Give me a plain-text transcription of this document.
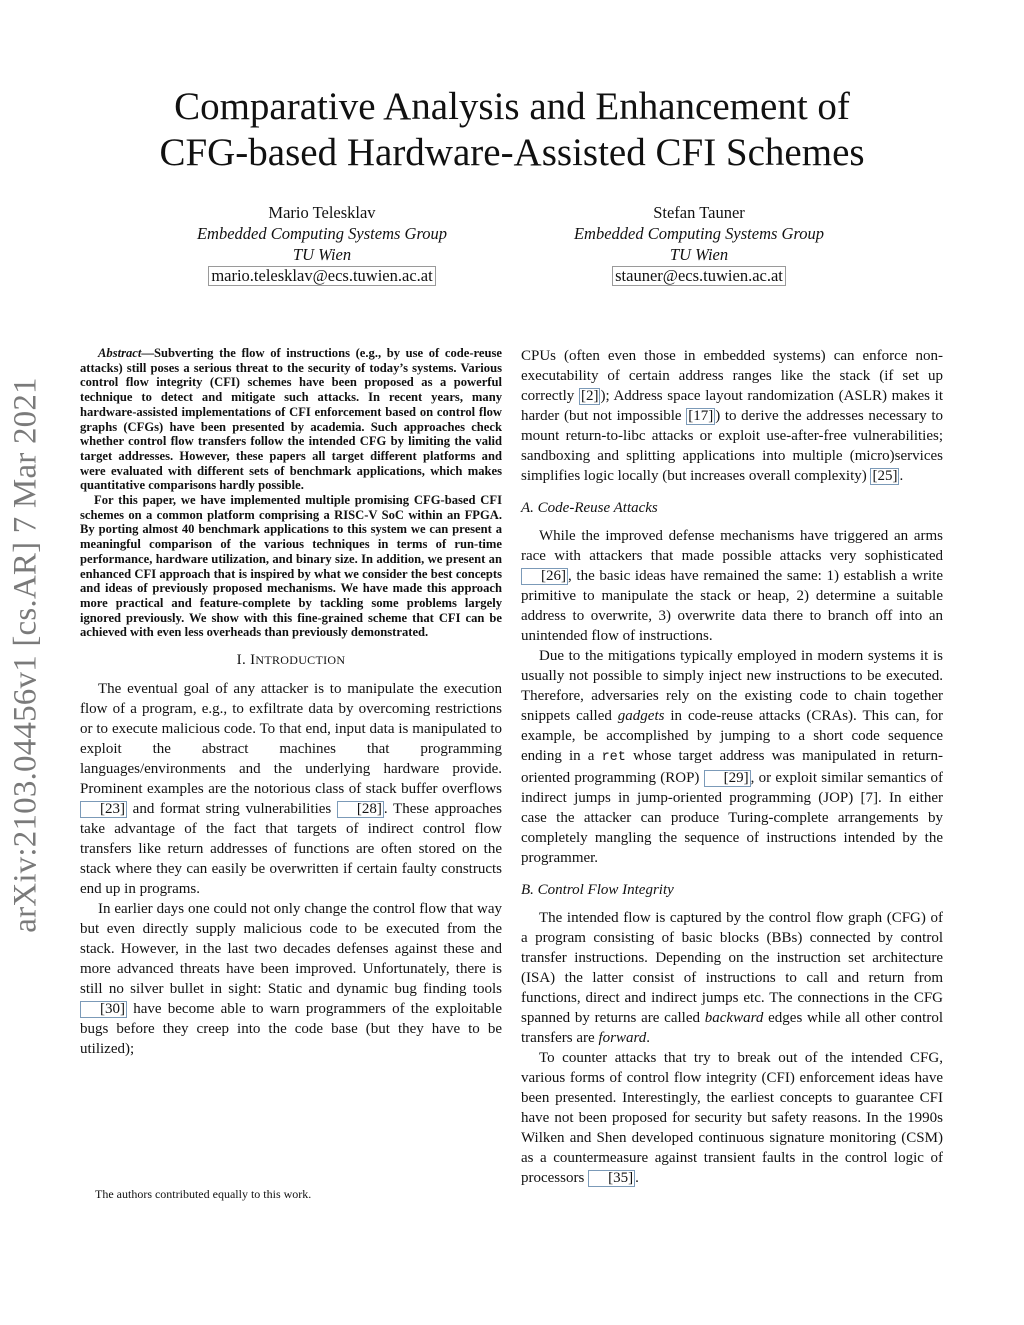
arXiv:2103.04456v1 [cs.AR] 7 Mar 2021
Comparative Analysis and Enhancement of
CFG-based Hardware-Assisted CFI Schemes
Mario Telesklav
Embedded Computing Systems Group
TU Wien
mario.telesklav@ecs.tuwien.ac.at
Stefan Tauner
Embedded Computing Systems Group
TU Wien
stauner@ecs.tuwien.ac.at

Abstract—Subverting the flow of instructions (e.g., by use of code-reuse attacks) still poses a serious threat to the security of today’s systems. Various control flow integrity (CFI) schemes have been proposed as a powerful technique to detect and mitigate such attacks. In recent years, many hardware-assisted implementations of CFI enforcement based on control flow graphs (CFGs) have been presented by academia. Such approaches check whether control flow transfers follow the intended CFG by limiting the valid target addresses. However, these papers all target different platforms and were evaluated with different sets of benchmark applications, which makes quantitative comparisons hardly possible.

For this paper, we have implemented multiple promising CFG-based CFI schemes on a common platform comprising a RISC-V SoC within an FPGA. By porting almost 40 benchmark applications to this system we can present a meaningful comparison of the various techniques in terms of run-time performance, hardware utilization, and binary size. In addition, we present an enhanced CFI approach that is inspired by what we consider the best concepts and ideas of previously proposed mechanisms. We have made this approach more practical and feature-complete by tackling some problems largely ignored previously. We show with this fine-grained scheme that CFI can be achieved with even less overheads than previously demonstrated.

I. INTRODUCTION

The eventual goal of any attacker is to manipulate the execution flow of a program, e.g., to exfiltrate data by overcoming restrictions or to execute malicious code. To that end, input data is manipulated to exploit the abstract machines that programming languages/environments and the underlying hardware provide. Prominent examples are the notorious class of stack buffer overflows [23] and format string vulnerabilities [28] . These approaches take advantage of the fact that targets of indirect control flow transfers like return addresses of functions are often stored on the stack where they can easily be overwritten if certain faulty constructs end up in programs.

In earlier days one could not only change the control flow that way but even directly supply malicious code to be executed from the stack. However, in the last two decades defenses against these and more advanced threats have been improved. Unfortunately, there is still no silver bullet in sight: Static and dynamic bug finding tools [30] have become able to warn programmers of the exploitable bugs before they creep into the code base (but they have to be utilized);

The authors contributed equally to this work.

CPUs (often even those in embedded systems) can enforce non-executability of certain address ranges like the stack (if set up correctly [2] ); Address space layout randomization (ASLR) makes it harder (but not impossible [17] ) to derive the addresses necessary to mount return-to-libc attacks or exploit use-after-free vulnerabilities; sandboxing and splitting applications into multiple (micro)services simplifies logic locally (but increases overall complexity) [25] .

A. Code-Reuse Attacks

While the improved defense mechanisms have triggered an arms race with attackers that made possible attacks very sophisticated [26] , the basic ideas have remained the same: 1) establish a write primitive to manipulate the stack or heap, 2) determine a suitable address to overwrite, 3) overwrite data there to branch off into an unintended flow of instructions.

Due to the mitigations typically employed in modern systems it is usually not possible to simply inject new instructions to be executed. Therefore, adversaries rely on the existing code to chain together snippets called gadgets in code-reuse attacks (CRAs). This can, for example, be accomplished by jumping to a short code sequence ending in a ret whose target address was manipulated in return-oriented programming (ROP) [29] , or exploit similar semantics of indirect jumps in jump-oriented programming (JOP) [7]. In either case the attacker can produce Turing-complete arrangements by completely mangling the sequence of instructions intended by the programmer.

B. Control Flow Integrity

The intended flow is captured by the control flow graph (CFG) of a program consisting of basic blocks (BBs) connected by control transfer instructions. Depending on the instruction set architecture (ISA) the latter consist of instructions to call and return from functions, direct and indirect jumps etc. The connections in the CFG spanned by returns are called backward edges while all other control transfers are forward.

To counter attacks that try to break out of the intended CFG, various forms of control flow integrity (CFI) enforcement ideas have been presented. Interestingly, the earliest concepts to guarantee CFI have not been proposed for security but safety reasons. In the 1990s Wilken and Shen developed continuous signature monitoring (CSM) as a countermeasure against transient faults in the control logic of processors [35] .
